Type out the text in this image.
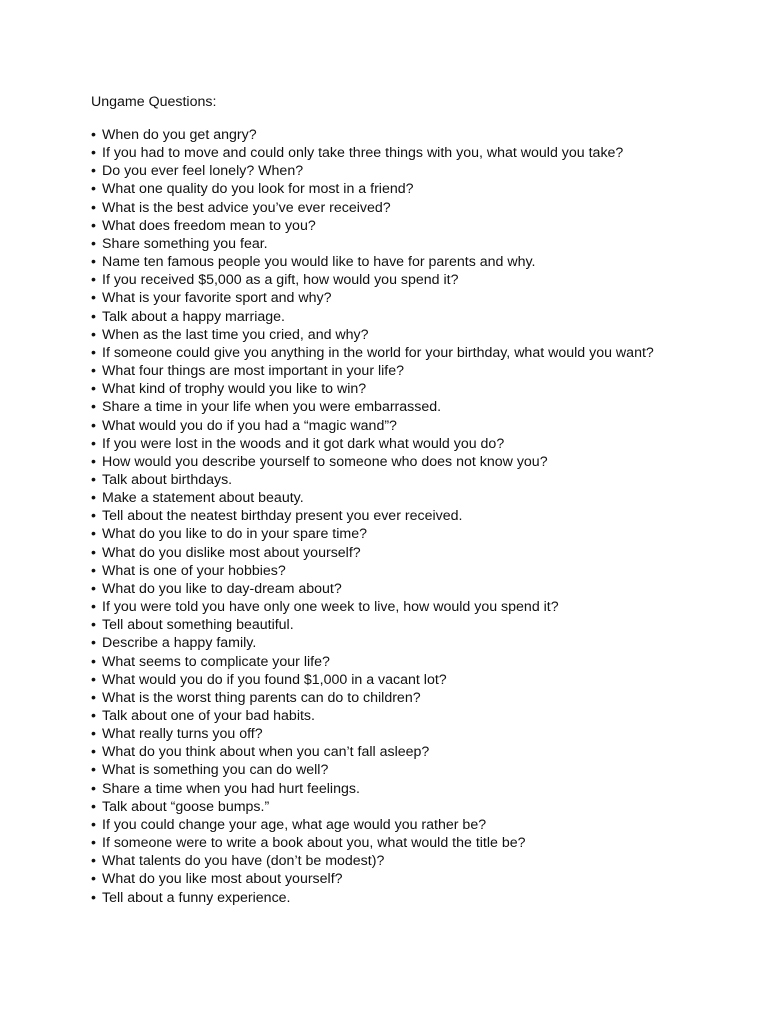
Ungame Questions:
• When do you get angry?
• If you had to move and could only take three things with you, what would you take?
• Do you ever feel lonely? When?
• What one quality do you look for most in a friend?
• What is the best advice you’ve ever received?
• What does freedom mean to you?
• Share something you fear.
• Name ten famous people you would like to have for parents and why.
• If you received $5,000 as a gift, how would you spend it?
• What is your favorite sport and why?
• Talk about a happy marriage.
• When as the last time you cried, and why?
• If someone could give you anything in the world for your birthday, what would you want?
• What four things are most important in your life?
• What kind of trophy would you like to win?
• Share a time in your life when you were embarrassed.
• What would you do if you had a “magic wand”?
• If you were lost in the woods and it got dark what would you do?
• How would you describe yourself to someone who does not know you?
• Talk about birthdays.
• Make a statement about beauty.
• Tell about the neatest birthday present you ever received.
• What do you like to do in your spare time?
• What do you dislike most about yourself?
• What is one of your hobbies?
• What do you like to day-dream about?
• If you were told you have only one week to live, how would you spend it?
• Tell about something beautiful.
• Describe a happy family.
• What seems to complicate your life?
• What would you do if you found $1,000 in a vacant lot?
• What is the worst thing parents can do to children?
• Talk about one of your bad habits.
• What really turns you off?
• What do you think about when you can’t fall asleep?
• What is something you can do well?
• Share a time when you had hurt feelings.
• Talk about “goose bumps.”
• If you could change your age, what age would you rather be?
• If someone were to write a book about you, what would the title be?
• What talents do you have (don’t be modest)?
• What do you like most about yourself?
• Tell about a funny experience.
